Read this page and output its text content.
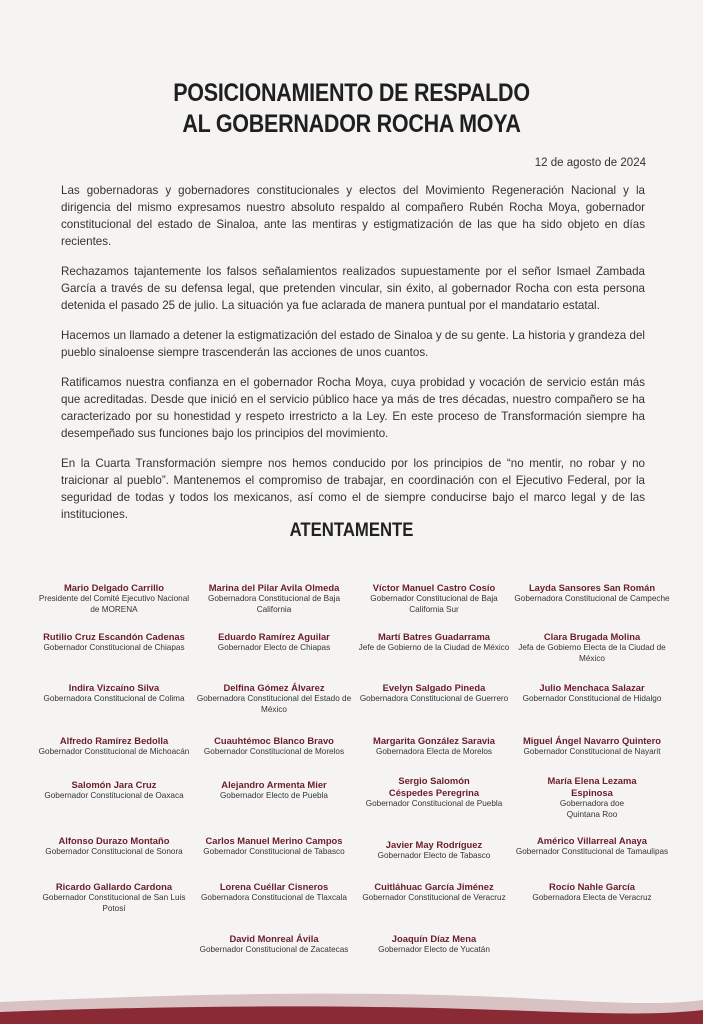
POSICIONAMIENTO DE RESPALDO
AL GOBERNADOR ROCHA MOYA
12 de agosto de 2024

Las gobernadoras y gobernadores constitucionales y electos del Movimiento Regeneración Nacional y la dirigencia del mismo expresamos nuestro absoluto respaldo al compañero Rubén Rocha Moya, gobernador constitucional del estado de Sinaloa, ante las mentiras y estigmatización de las que ha sido objeto en días recientes.

Rechazamos tajantemente los falsos señalamientos realizados supuestamente por el señor Ismael Zambada García a través de su defensa legal, que pretenden vincular, sin éxito, al gobernador Rocha con esta persona detenida el pasado 25 de julio. La situación ya fue aclarada de manera puntual por el mandatario estatal.

Hacemos un llamado a detener la estigmatización del estado de Sinaloa y de su gente. La historia y grandeza del pueblo sinaloense siempre trascenderán las acciones de unos cuantos.

Ratificamos nuestra confianza en el gobernador Rocha Moya, cuya probidad y vocación de servicio están más que acreditadas. Desde que inició en el servicio público hace ya más de tres décadas, nuestro compañero se ha caracterizado por su honestidad y respeto irrestricto a la Ley. En este proceso de Transformación siempre ha desempeñado sus funciones bajo los principios del movimiento.

En la Cuarta Transformación siempre nos hemos conducido por los principios de “no mentir, no robar y no traicionar al pueblo”. Mantenemos el compromiso de trabajar, en coordinación con el Ejecutivo Federal, por la seguridad de todas y todos los mexicanos, así como el de siempre conducirse bajo el marco legal y de las instituciones.

ATENTAMENTE
Mario Delgado Carrillo
Presidente del Comité Ejecutivo Nacional de MORENA
Marina del Pilar Avila Olmeda
Gobernadora Constitucional de Baja California
Víctor Manuel Castro Cosío
Gobernador Constitucional de Baja California Sur
Layda Sansores San Román
Gobernadora Constitucional de Campeche
Rutilio Cruz Escandón Cadenas
Gobernador Constitucional de Chiapas
Eduardo Ramírez Aguilar
Gobernador Electo de Chiapas
Martí Batres Guadarrama
Jefe de Gobierno de la Ciudad de México
Clara Brugada Molina
Jefa de Gobierno Electa de la Ciudad de México
Indira Vizcaíno Silva
Gobernadora Constitucional de Colima
Delfina Gómez Álvarez
Gobernadora Constitucional del Estado de México
Evelyn Salgado Pineda
Gobernadora Constitucional de Guerrero
Julio Menchaca Salazar
Gobernador Constitucional de Hidalgo
Alfredo Ramírez Bedolla
Gobernador Constitucional de Michoacán
Cuauhtémoc Blanco Bravo
Gobernador Constitucional de Morelos
Margarita González Saravia
Gobernadora Electa de Morelos
Miguel Ángel Navarro Quintero
Gobernador Constitucional de Nayarit
Salomón Jara Cruz
Gobernador Constitucional de Oaxaca
Alejandro Armenta Mier
Gobernador Electo de Puebla
Sergio Salomón Céspedes Peregrina
Gobernador Constitucional de Puebla
María Elena Lezama Espinosa
Gobernadora doe Quintana Roo
Alfonso Durazo Montaño
Gobernador Constitucional de Sonora
Carlos Manuel Merino Campos
Gobernador Constitucional de Tabasco
Javier May Rodríguez
Gobernador Electo de Tabasco
Américo Villarreal Anaya
Gobernador Constitucional de Tamaulipas
Ricardo Gallardo Cardona
Gobernador Constitucional de San Luis Potosí
Lorena Cuéllar Cisneros
Gobernadora Constitucional de Tlaxcala
Cuitláhuac García Jiménez
Gobernador Constitucional de Veracruz
Rocío Nahle García
Gobernadora Electa de Veracruz
David Monreal Ávila
Gobernador Constitucional de Zacatecas
Joaquín Díaz Mena
Gobernador Electo de Yucatán
